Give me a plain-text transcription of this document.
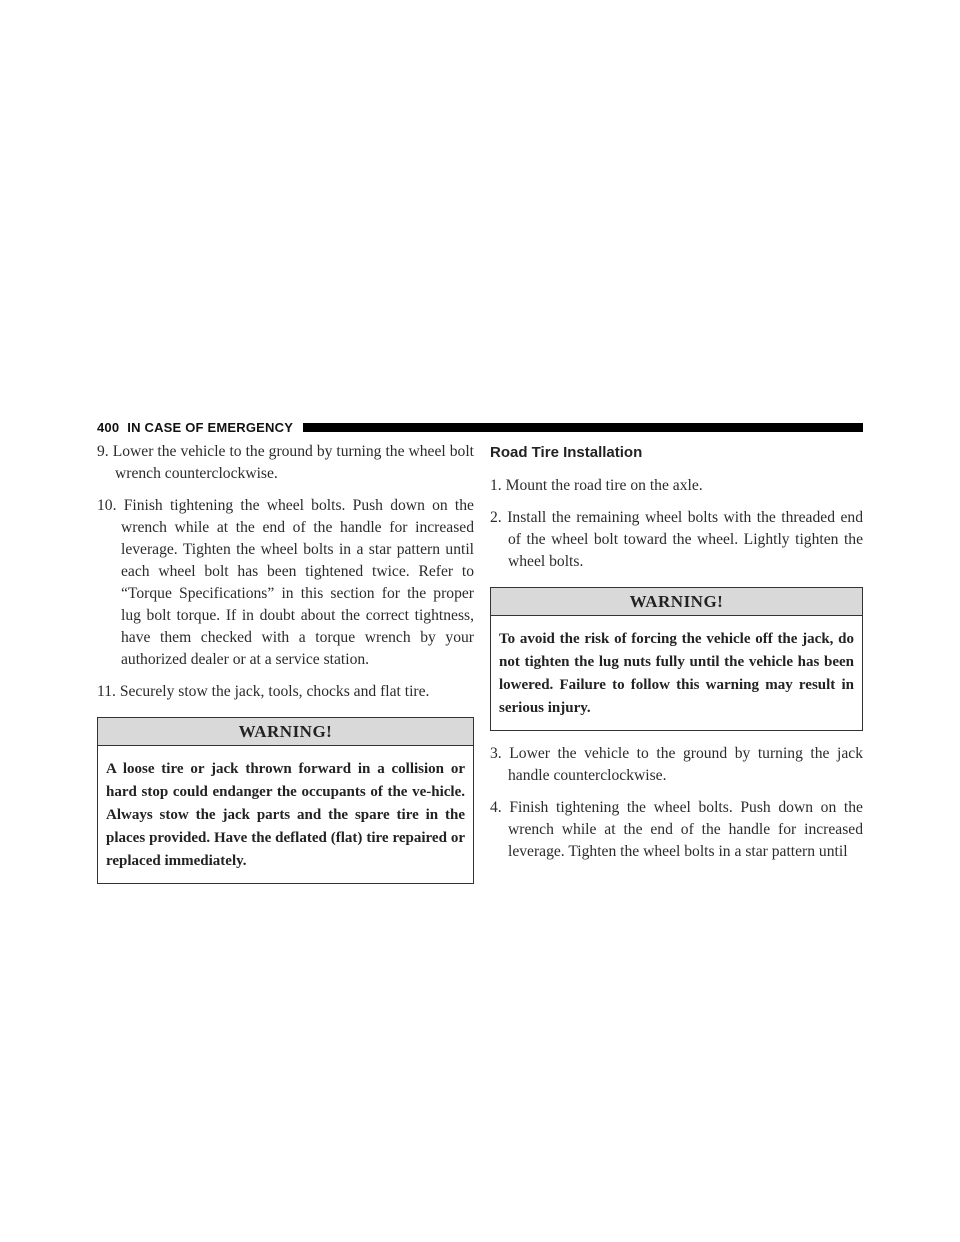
400 IN CASE OF EMERGENCY

9. Lower the vehicle to the ground by turning the wheel bolt wrench counterclockwise.

10. Finish tightening the wheel bolts. Push down on the wrench while at the end of the handle for increased leverage. Tighten the wheel bolts in a star pattern until each wheel bolt has been tightened twice. Refer to “Torque Specifications” in this section for the proper lug bolt torque. If in doubt about the correct tightness, have them checked with a torque wrench by your authorized dealer or at a service station.

11. Securely stow the jack, tools, chocks and flat tire.

WARNING!
A loose tire or jack thrown forward in a collision or hard stop could endanger the occupants of the ve-hicle. Always stow the jack parts and the spare tire in the places provided. Have the deflated (flat) tire repaired or replaced immediately.
Road Tire Installation

1. Mount the road tire on the axle.

2. Install the remaining wheel bolts with the threaded end of the wheel bolt toward the wheel. Lightly tighten the wheel bolts.

WARNING!
To avoid the risk of forcing the vehicle off the jack, do not tighten the lug nuts fully until the vehicle has been lowered. Failure to follow this warning may result in serious injury.

3. Lower the vehicle to the ground by turning the jack handle counterclockwise.

4. Finish tightening the wheel bolts. Push down on the wrench while at the end of the handle for increased leverage. Tighten the wheel bolts in a star pattern until
